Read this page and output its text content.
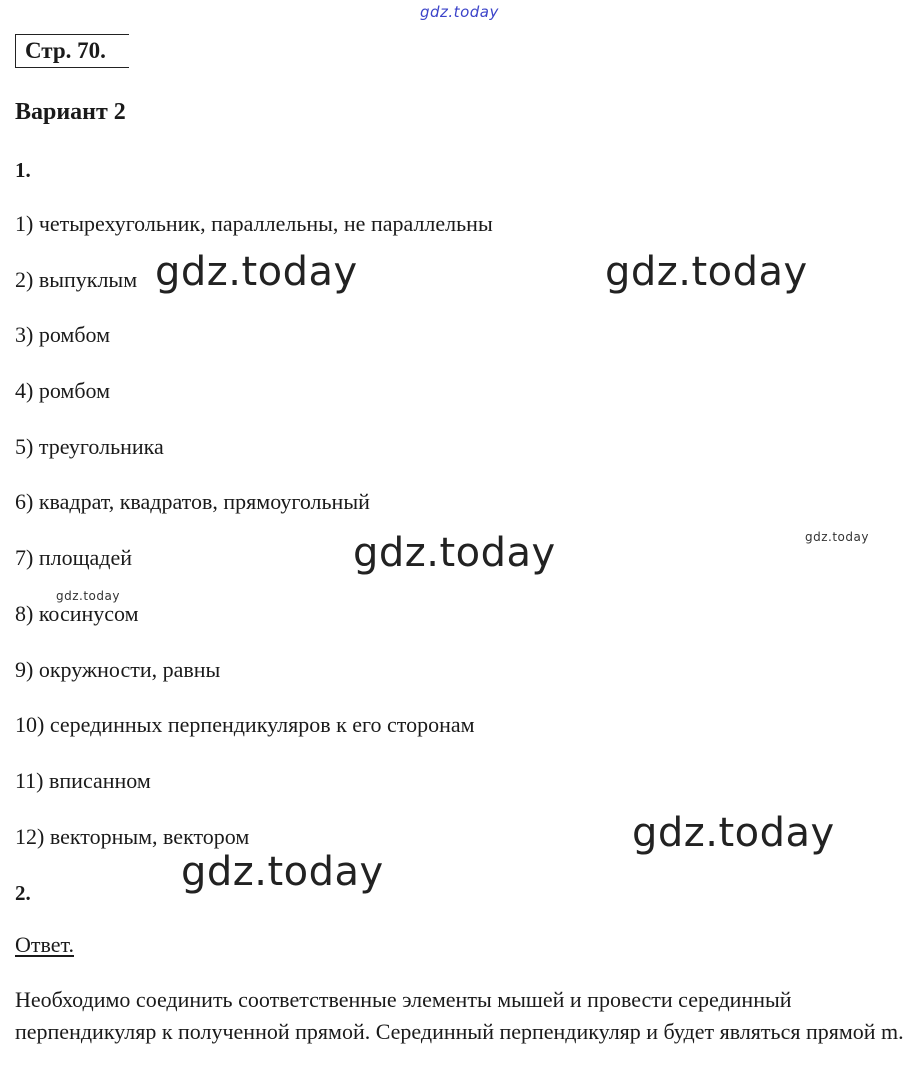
gdz.today
Стр. 70.
Вариант 2
1.
1) четырехугольник, параллельны, не параллельны
2) выпуклым
3) ромбом
4) ромбом
5) треугольника
6) квадрат, квадратов, прямоугольный
7) площадей
8) косинусом
9) окружности, равны
10) серединных перпендикуляров к его сторонам
11) вписанном
12) векторным, вектором
2.
Ответ.
Необходимо соединить соответственные элементы мышей и провести серединный перпендикуляр к полученной прямой. Серединный перпендикуляр и будет являться прямой m.
gdz.today	gdz.today
gdz.today
gdz.today
gdz.today
gdz.today
gdz.today
